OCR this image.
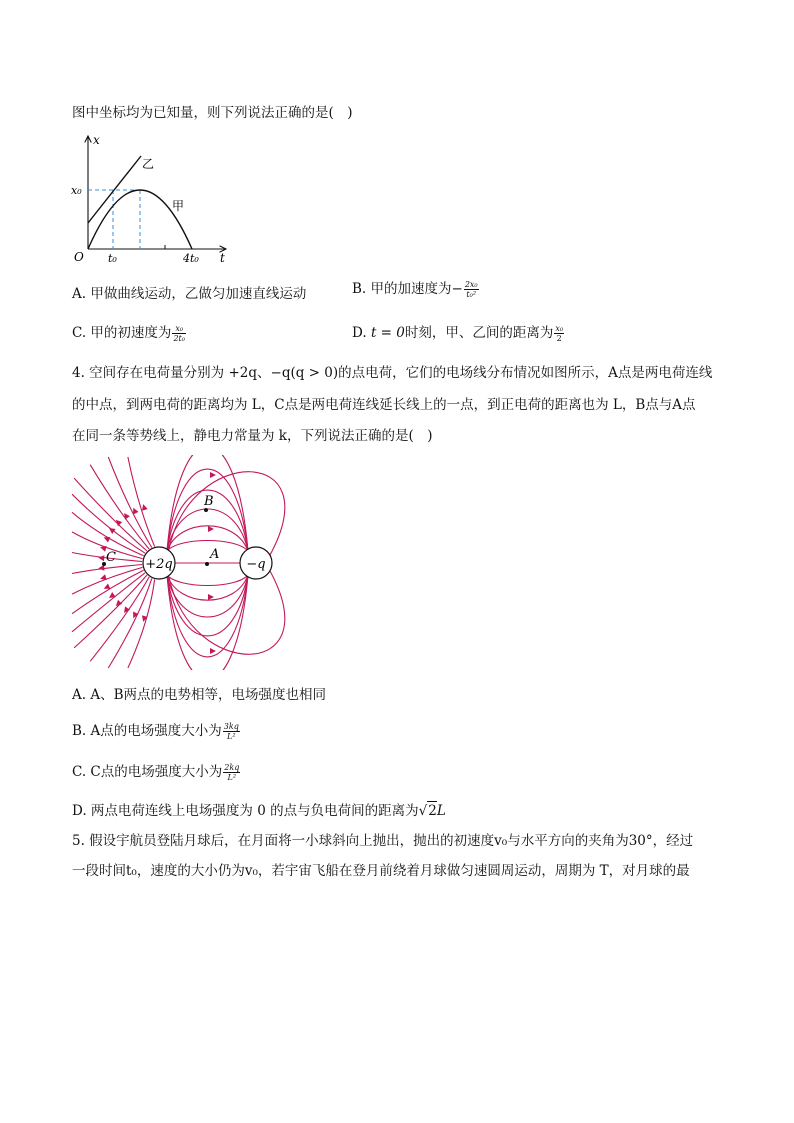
图中坐标均为已知量，则下列说法正确的是(　)
x
t
O
x₀
t₀	4t₀
甲
乙
A. 甲做曲线运动，乙做匀加速直线运动	B. 甲的加速度为− $\frac{\text{2x₀}}{\text{t₀²}}$
C. 甲的初速度为 $\frac{\text{x₀}}{\text{2t₀}}$	D. t = 0时刻，甲、乙间的距离为 $\frac{\text{x₀}}{2}$
4. 空间存在电荷量分别为 +2q、−q(q > 0)的点电荷，它们的电场线分布情况如图所示，A点是两电荷连线
的中点，到两电荷的距离均为 L，C点是两电荷连线延长线上的一点，到正电荷的距离也为 L，B点与A点
在同一条等势线上，静电力常量为 k，下列说法正确的是(　)
+2q	−q
A
B
C
A. A、B两点的电势相等，电场强度也相同
B. A点的电场强度大小为 $\frac{3kq}{\text{L²}}$
C. C点的电场强度大小为 $\frac{2kq}{\text{L²}}$
D. 两点电荷连线上电场强度为 0 的点与负电荷间的距离为√2L
5. 假设宇航员登陆月球后，在月面将一小球斜向上抛出，抛出的初速度v₀与水平方向的夹角为30°，经过
一段时间t₀，速度的大小仍为v₀，若宇宙飞船在登月前绕着月球做匀速圆周运动，周期为 T，对月球的最
